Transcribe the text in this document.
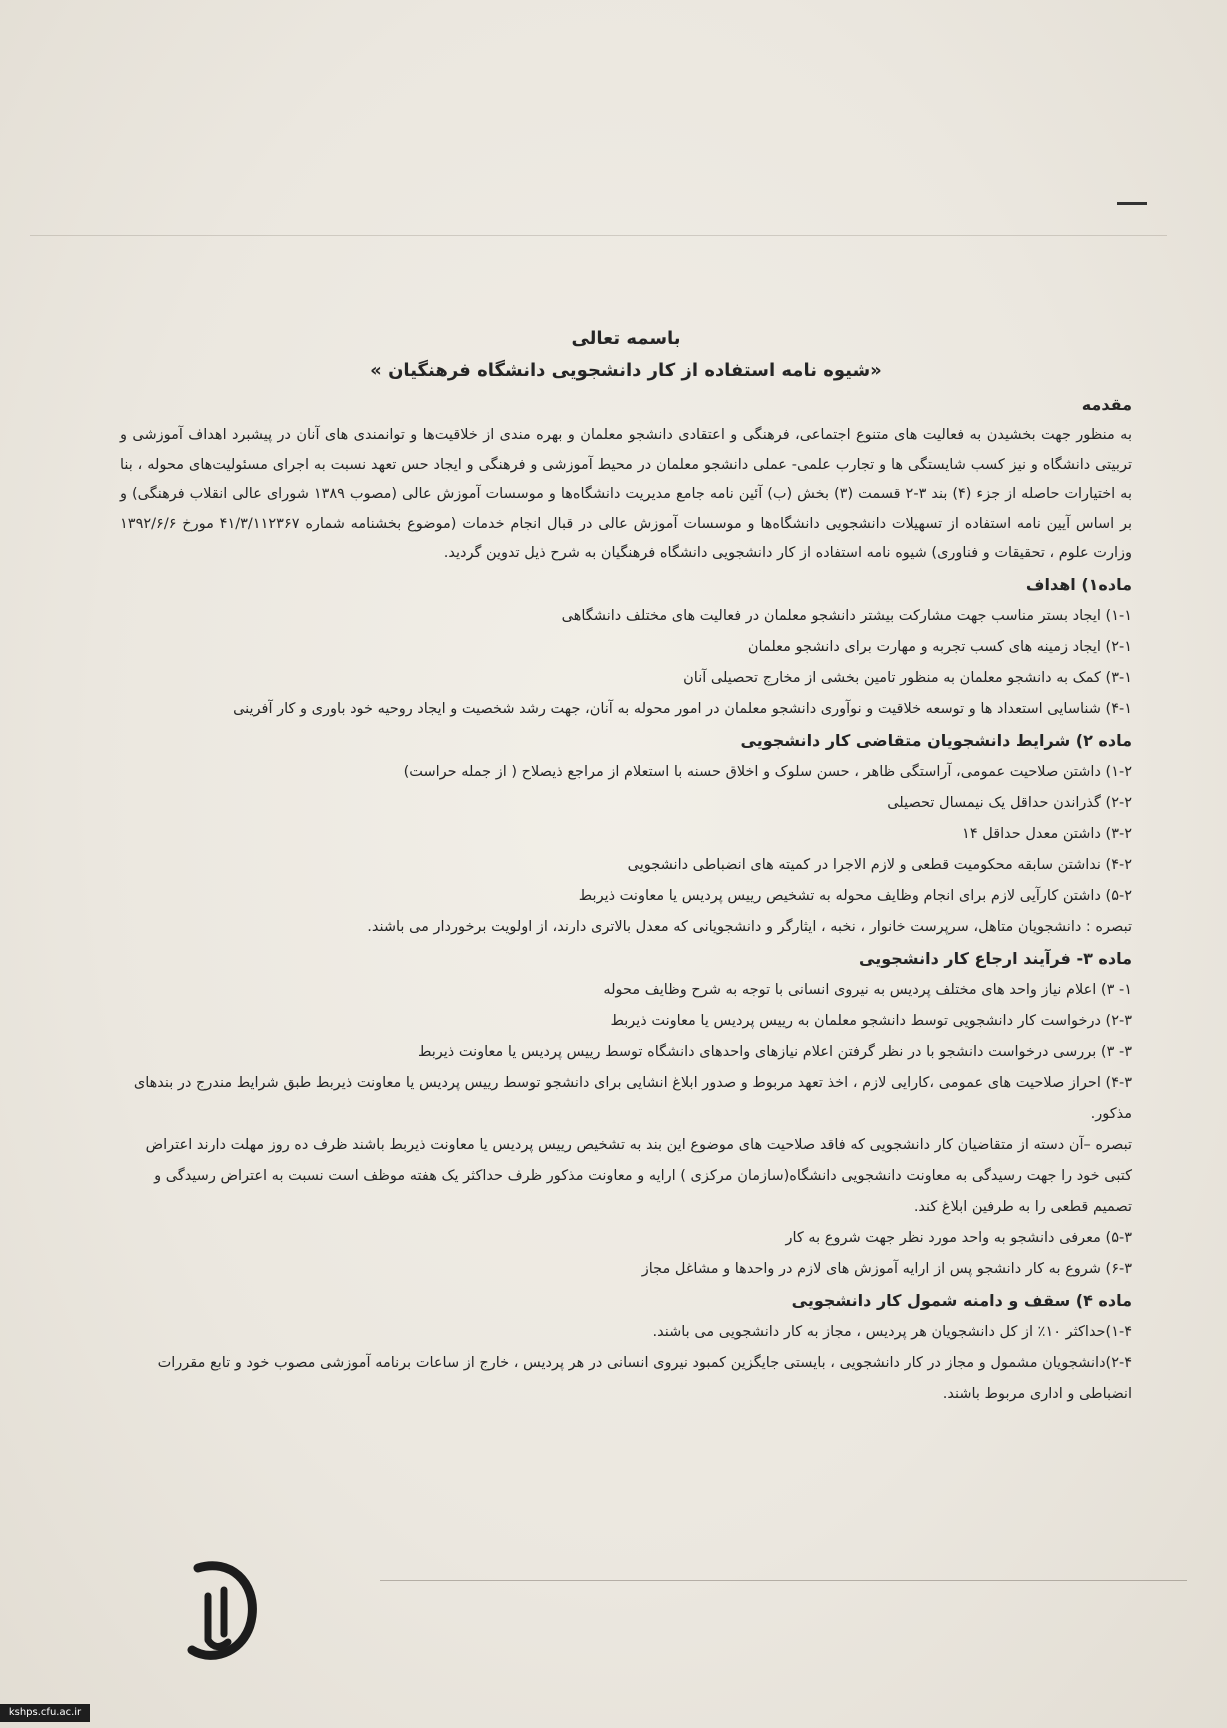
باسمه تعالی

«شیوه نامه استفاده از کار دانشجویی دانشگاه فرهنگیان »

مقدمه

به منظور جهت بخشیدن به فعالیت های متنوع اجتماعی، فرهنگی و اعتقادی دانشجو معلمان و بهره مندی از خلاقیت‌ها و توانمندی های آنان در پیشبرد اهداف آموزشی و تربیتی دانشگاه و نیز کسب شایستگی ها و تجارب علمی- عملی دانشجو معلمان در محیط آموزشی و فرهنگی و ایجاد حس تعهد نسبت به اجرای مسئولیت‌های محوله ، بنا به اختیارات حاصله از جزء (۴) بند ۳-۲ قسمت (۳) بخش (ب) آئین نامه جامع مدیریت دانشگاه‌ها و موسسات آموزش عالی (مصوب ۱۳۸۹ شورای عالی انقلاب فرهنگی) و بر اساس آیین نامه استفاده از تسهیلات دانشجویی دانشگاه‌ها و موسسات آموزش عالی در قبال انجام خدمات (موضوع بخشنامه شماره ۴۱/۳/۱۱۲۳۶۷ مورخ ۱۳۹۲/۶/۶ وزارت علوم ، تحقیقات و فناوری) شیوه نامه استفاده از کار دانشجویی دانشگاه فرهنگیان به شرح ذیل تدوین گردید.

ماده۱) اهداف

۱-۱) ایجاد بستر مناسب جهت مشارکت بیشتر دانشجو معلمان در فعالیت های مختلف دانشگاهی

۲-۱) ایجاد زمینه های کسب تجربه و مهارت برای دانشجو معلمان

۳-۱) کمک به دانشجو معلمان به منظور تامین بخشی از مخارج تحصیلی آنان

۴-۱) شناسایی استعداد ها و توسعه خلاقیت و نوآوری دانشجو معلمان در امور محوله به آنان، جهت رشد شخصیت و ایجاد روحیه خود باوری و کار آفرینی

ماده ۲) شرایط دانشجویان متقاضی کار دانشجویی

۱-۲) داشتن صلاحیت عمومی، آراستگی ظاهر ، حسن سلوک و اخلاق حسنه با استعلام از مراجع ذیصلاح ( از جمله حراست)

۲-۲) گذراندن حداقل یک نیمسال تحصیلی

۳-۲) داشتن معدل حداقل ۱۴

۴-۲) نداشتن سابقه محکومیت قطعی و لازم الاجرا در کمیته های انضباطی دانشجویی

۵-۲) داشتن کارآیی لازم برای انجام وظایف محوله به تشخیص رییس پردیس یا معاونت ذیربط

تبصره : دانشجویان متاهل، سرپرست خانوار ، نخبه ، ایثارگر و دانشجویانی که معدل بالاتری دارند، از اولویت برخوردار می باشند.

ماده ۳- فرآیند ارجاع کار دانشجویی

۱- ۳) اعلام نیاز واحد های مختلف پردیس به نیروی انسانی با توجه به شرح وظایف محوله

۲-۳) درخواست کار دانشجویی توسط دانشجو معلمان به رییس پردیس یا معاونت ذیربط

۳- ۳) بررسی درخواست دانشجو با در نظر گرفتن اعلام نیازهای واحدهای دانشگاه توسط رییس پردیس یا معاونت ذیربط

۴-۳) احراز صلاحیت های عمومی ،کارایی لازم ، اخذ تعهد مربوط و صدور ابلاغ انشایی برای دانشجو توسط رییس پردیس یا معاونت ذیربط طبق شرایط مندرج در بندهای مذکور.

تبصره –آن دسته از متقاضیان کار دانشجویی که فاقد صلاحیت های موضوع این بند به تشخیص رییس پردیس یا معاونت ذیربط باشند ظرف ده روز مهلت دارند اعتراض کتبی خود را جهت رسیدگی به معاونت دانشجویی دانشگاه(سازمان مرکزی ) ارایه و معاونت مذکور ظرف حداکثر یک هفته موظف است نسبت به اعتراض رسیدگی و تصمیم قطعی را به طرفین ابلاغ کند.

۵-۳) معرفی دانشجو به واحد مورد نظر جهت شروع به کار

۶-۳) شروع به کار دانشجو پس از ارایه آموزش های لازم در واحدها و مشاغل مجاز

ماده ۴) سقف و دامنه شمول کار دانشجویی

۱-۴)حداکثر ۱۰٪ از کل دانشجویان هر پردیس ، مجاز به کار دانشجویی می باشند.

۲-۴)دانشجویان مشمول و مجاز در کار دانشجویی ، بایستی جایگزین کمبود نیروی انسانی در هر پردیس ، خارج از ساعات برنامه آموزشی مصوب خود و تابع مقررات انضباطی و اداری مربوط باشند.

kshps.cfu.ac.ir
